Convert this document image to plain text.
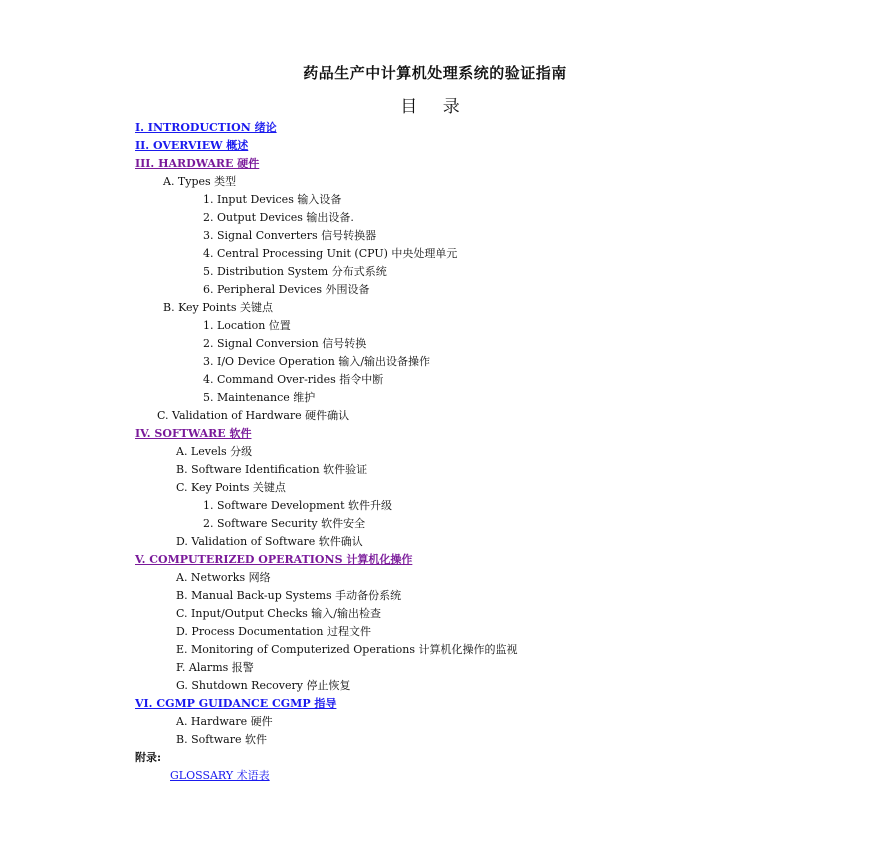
药品生产中计算机处理系统的验证指南
目 录
I. INTRODUCTION 绪论
II. OVERVIEW 概述
III. HARDWARE 硬件
A. Types 类型
1. Input Devices 输入设备
2. Output Devices 输出设备.
3. Signal Converters 信号转换器
4. Central Processing Unit (CPU) 中央处理单元
5. Distribution System 分布式系统
6. Peripheral Devices 外围设备
B. Key Points 关键点
1. Location 位置
2. Signal Conversion 信号转换
3. I/O Device Operation 输入/输出设备操作
4. Command Over-rides 指令中断
5. Maintenance 维护
C. Validation of Hardware 硬件确认
IV. SOFTWARE 软件
A. Levels 分级
B. Software Identification 软件验证
C. Key Points 关键点
1. Software Development 软件升级
2. Software Security 软件安全
D. Validation of Software 软件确认
V. COMPUTERIZED OPERATIONS 计算机化操作
A. Networks 网络
B. Manual Back-up Systems 手动备份系统
C. Input/Output Checks 输入/输出检查
D. Process Documentation 过程文件
E. Monitoring of Computerized Operations 计算机化操作的监视
F. Alarms 报警
G. Shutdown Recovery 停止恢复
VI. CGMP GUIDANCE CGMP 指导
A. Hardware 硬件
B. Software 软件
附录:
GLOSSARY 术语表
